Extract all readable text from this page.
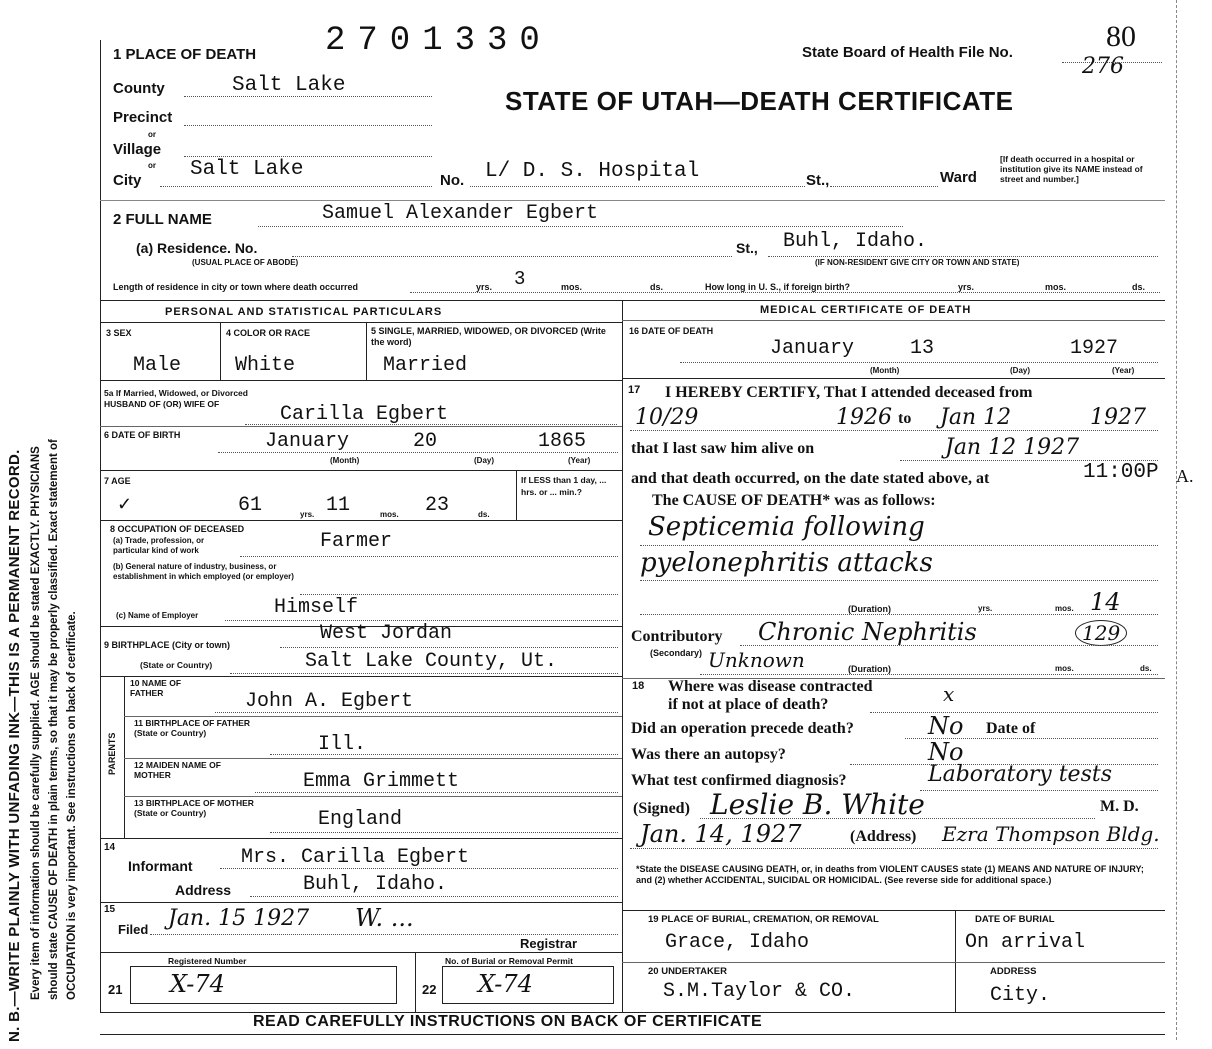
N. B.—WRITE PLAINLY WITH UNFADING INK—THIS IS A PERMANENT RECORD. Every item of information should be carefully supplied. AGE should be stated EXACTLY. PHYSICIANS should state CAUSE OF DEATH in plain terms, so that it may be properly classified. Exact statement of OCCUPATION is very important. See instructions on back of certificate.
1 PLACE OF DEATH 2701330	State Board of Health File No.	80
276
STATE OF UTAH—DEATH CERTIFICATE
County	Salt Lake
Precinct
or
Village
or
City Salt Lake	No. L/ D. S. Hospital	St.,	Ward
[If death occurred in a hospital or institution give its NAME instead of street and number.]
2 FULL NAME	Samuel Alexander Egbert
(a) Residence. No.
(USUAL PLACE OF ABODE)
St., Buhl, Idaho.
(IF NON-RESIDENT GIVE CITY OR TOWN AND STATE)
Length of residence in city or town where death occurred	yrs. 3	mos.	ds.	How long in U. S., if foreign birth?	yrs.	mos.	ds.
PERSONAL AND STATISTICAL PARTICULARS	MEDICAL CERTIFICATE OF DEATH
3 SEX
Male
4 COLOR OR RACE
White
5 SINGLE, MARRIED, WIDOWED, OR DIVORCED (Write the word)
Married
5a If Married, Widowed, or Divorced HUSBAND OF (OR) WIFE OF	Carilla Egbert
6 DATE OF BIRTH	January	20	1865
(Month)	(Day)	(Year)
7 AGE
✓	61	yrs. 11	mos. 23	ds.
If LESS than 1 day, ... hrs. or ... min.?
8 OCCUPATION OF DECEASED
(a) Trade, profession, or particular kind of work	Farmer
(b) General nature of industry, business, or establishment in which employed (or employer)
(c) Name of Employer	Himself
9 BIRTHPLACE (City or town)	West Jordan
(State or Country)	Salt Lake County, Ut.
PARENTS
10 NAME OF FATHER	John A. Egbert
11 BIRTHPLACE OF FATHER (State or Country)	Ill.
12 MAIDEN NAME OF MOTHER	Emma Grimmett
13 BIRTHPLACE OF MOTHER (State or Country)	England
14
Informant Mrs. Carilla Egbert
Address	Buhl, Idaho.
15
Filed Jan. 15 1927 W. ...
Registrar
Registered Number	No. of Burial or Removal Permit
21 X-74	22 X-74
16 DATE OF DEATH
January	13	1927
(Month)	(Day)	(Year)
17 I HEREBY CERTIFY, That I attended deceased from
10/29	1926 to Jan 12	1927
that I last saw him alive on	Jan 12 1927
and that death occurred, on the date stated above, at	11:00P A.
The CAUSE OF DEATH* was as follows:
Septicemia following
pyelonephritis attacks
(Duration)	yrs.	mos. 14
Contributory
(Secondary)
Chronic Nephritis	129
Unknown	(Duration)	mos.	ds.
18 Where was disease contracted
if not at place of death?	x
Did an operation precede death?	No Date of
Was there an autopsy?	No
What test confirmed diagnosis?	Laboratory tests
(Signed) Leslie B. White	M. D.
Jan. 14, 1927	(Address) Ezra Thompson Bldg.
*State the DISEASE CAUSING DEATH, or, in deaths from VIOLENT CAUSES state (1) MEANS AND NATURE OF INJURY; and (2) whether ACCIDENTAL, SUICIDAL OR HOMICIDAL. (See reverse side for additional space.)
19 PLACE OF BURIAL, CREMATION, OR REMOVAL
Grace, Idaho
DATE OF BURIAL
On arrival
20 UNDERTAKER
S.M.Taylor & CO.
ADDRESS
City.
READ CAREFULLY INSTRUCTIONS ON BACK OF CERTIFICATE
